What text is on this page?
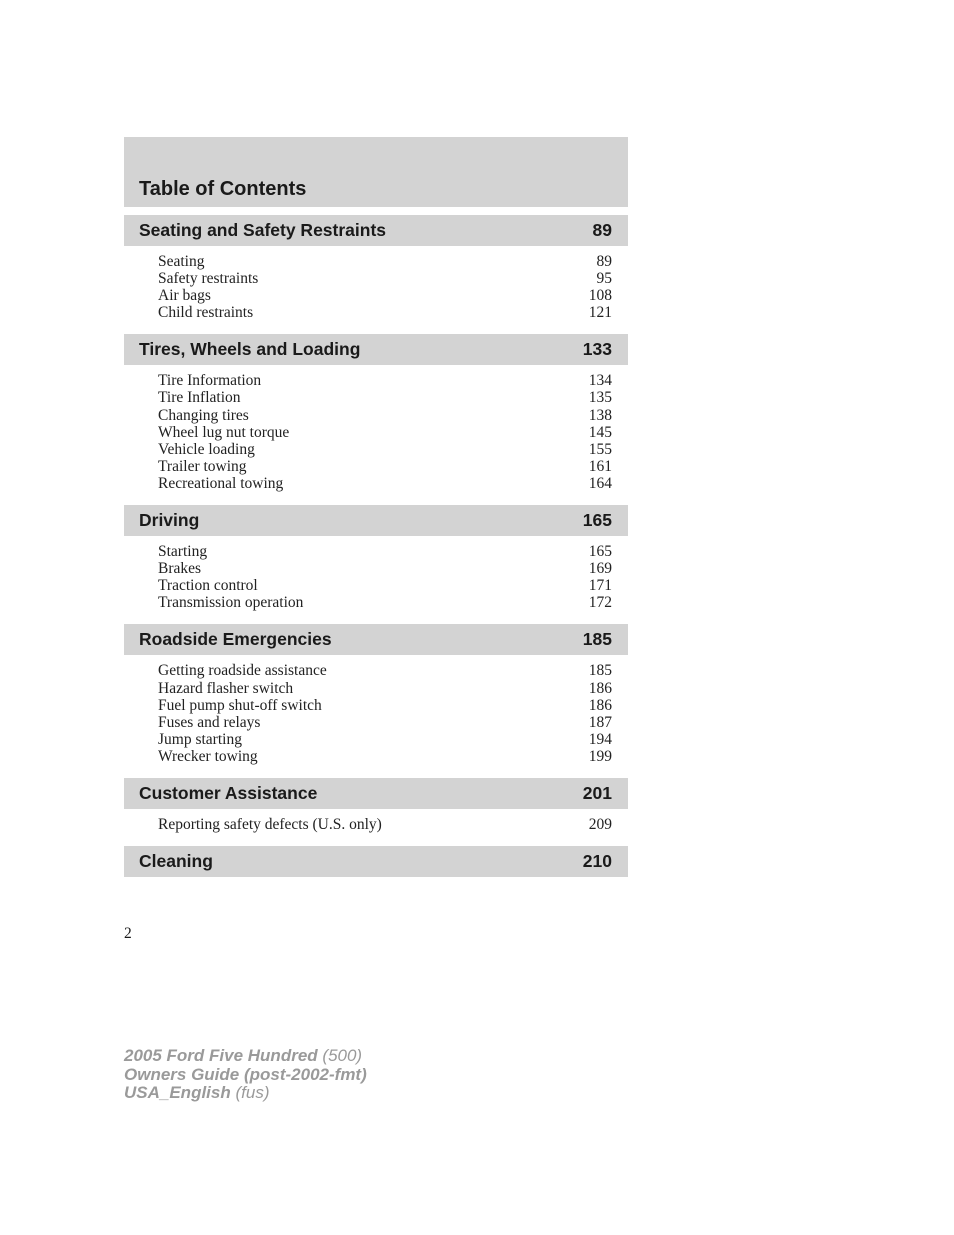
Table of Contents
Seating and Safety Restraints	89
Seating	89
Safety restraints	95
Air bags	108
Child restraints	121
Tires, Wheels and Loading	133
Tire Information	134
Tire Inflation	135
Changing tires	138
Wheel lug nut torque	145
Vehicle loading	155
Trailer towing	161
Recreational towing	164
Driving	165
Starting	165
Brakes	169
Traction control	171
Transmission operation	172
Roadside Emergencies	185
Getting roadside assistance	185
Hazard flasher switch	186
Fuel pump shut-off switch	186
Fuses and relays	187
Jump starting	194
Wrecker towing	199
Customer Assistance	201
Reporting safety defects (U.S. only)	209
Cleaning	210
2
2005 Ford Five Hundred (500)
Owners Guide (post-2002-fmt)
USA_English (fus)
